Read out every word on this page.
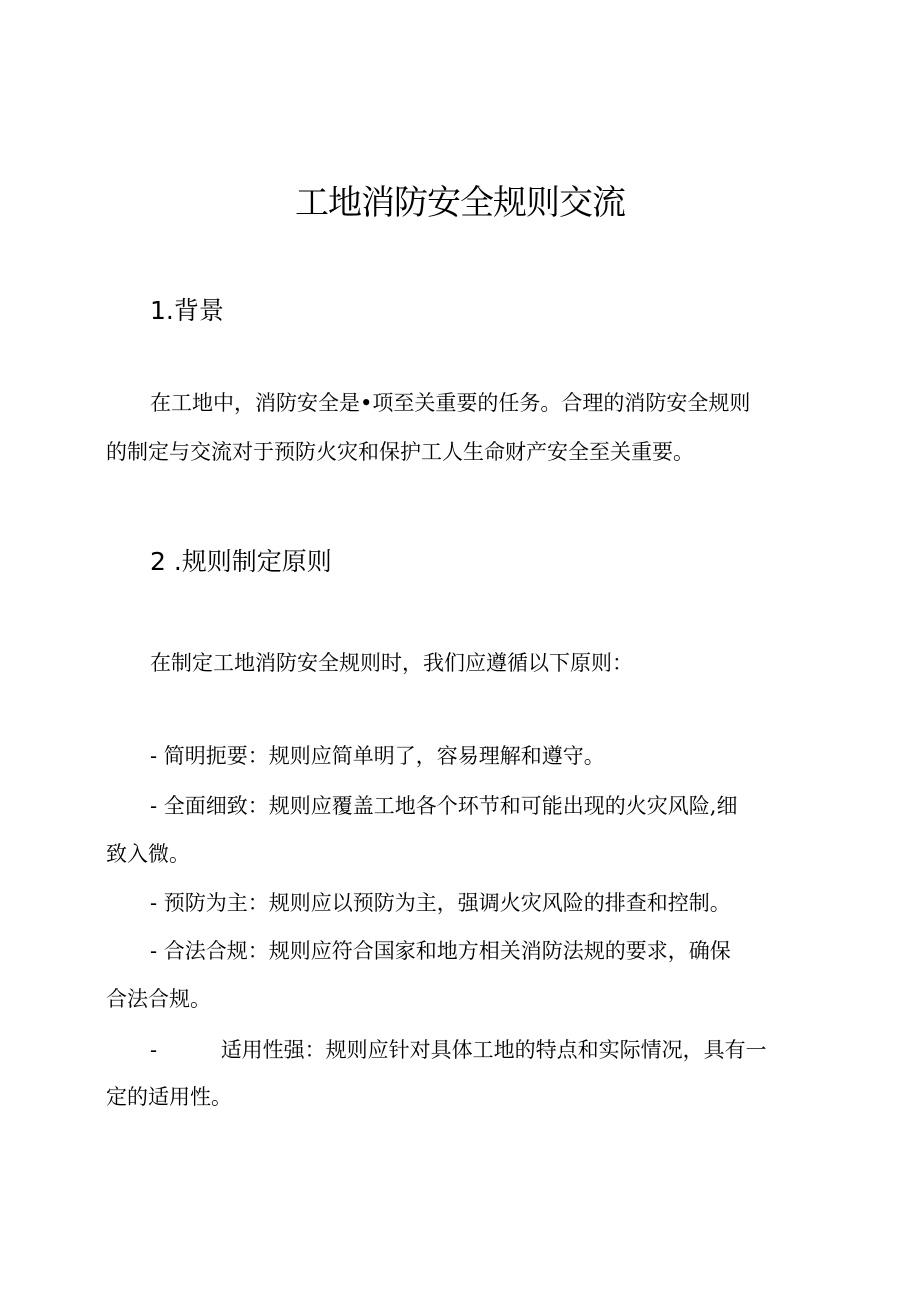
工地消防安全规则交流
1.背景
在工地中，消防安全是•项至关重要的任务。合理的消防安全规则
的制定与交流对于预防火灾和保护工人生命财产安全至关重要。
2 .规则制定原则
在制定工地消防安全规则时，我们应遵循以下原则：
- 简明扼要：规则应简单明了，容易理解和遵守。
- 全面细致：规则应覆盖工地各个环节和可能出现的火灾风险,细
致入微。
- 预防为主：规则应以预防为主，强调火灾风险的排查和控制。
- 合法合规：规则应符合国家和地方相关消防法规的要求，确保
合法合规。
-	适用性强：规则应针对具体工地的特点和实际情况，具有一
定的适用性。
